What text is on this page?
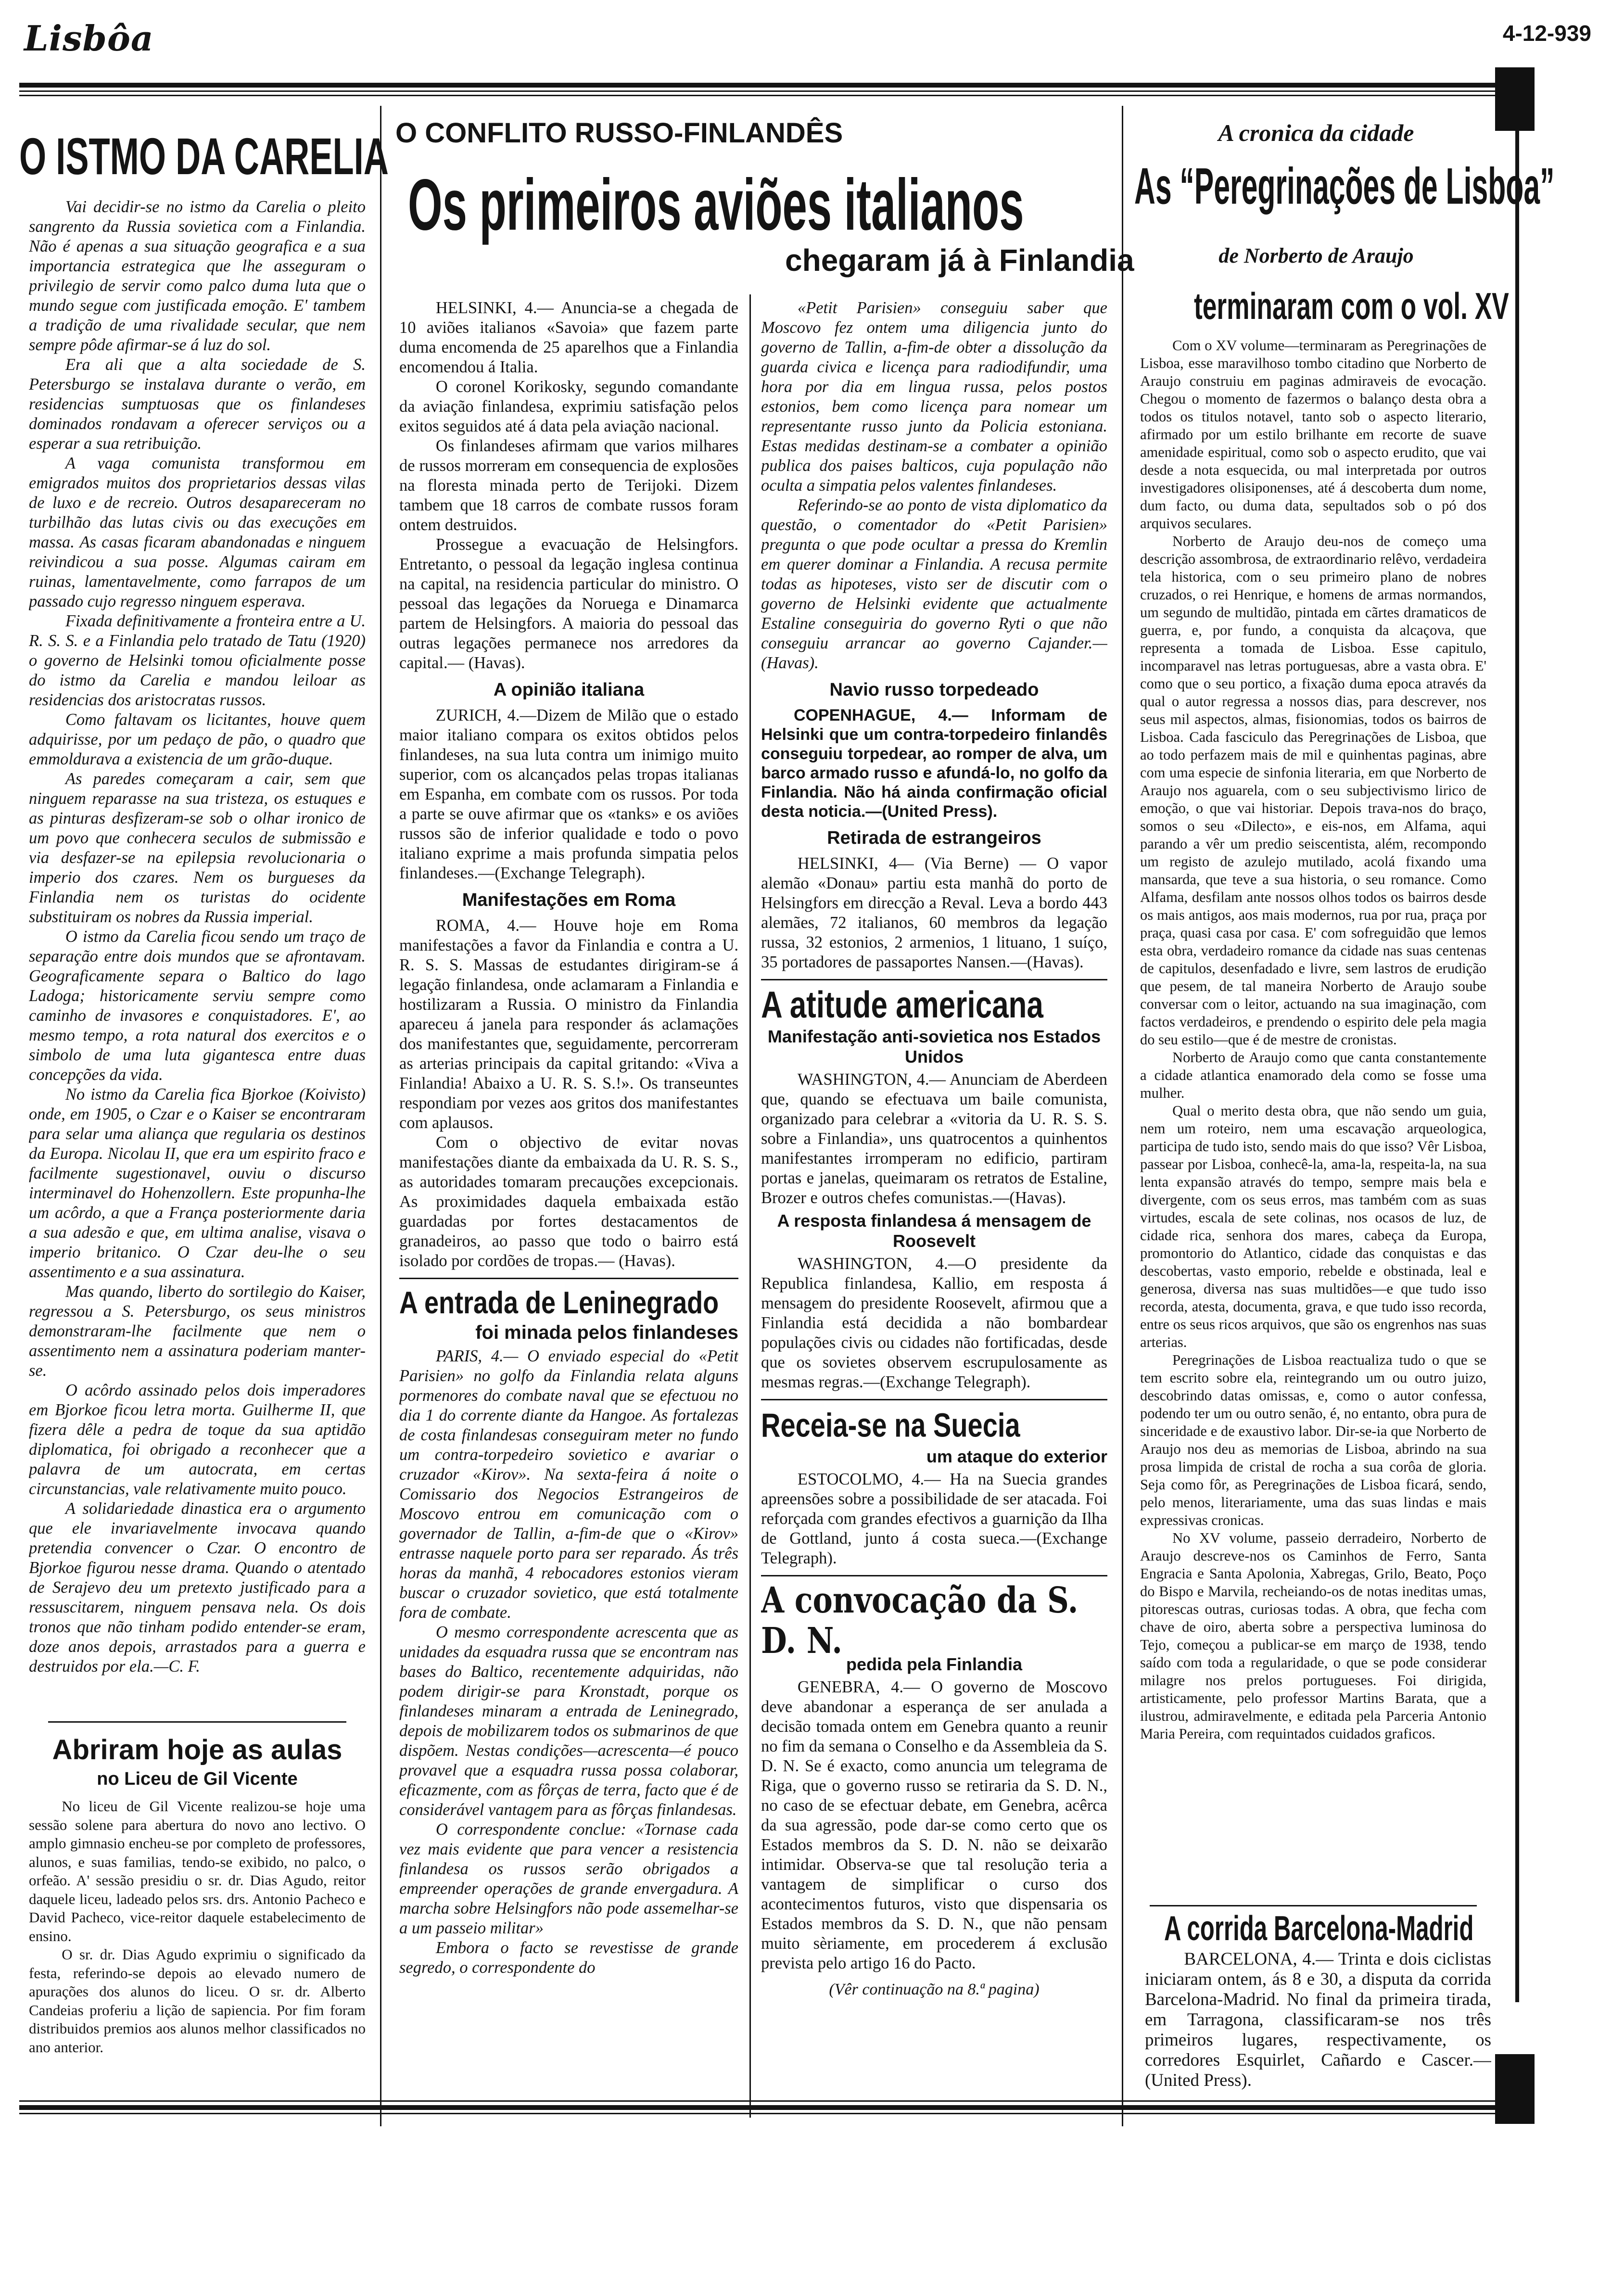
Lisbôa	4-12-939
O ISTMO DA CARELIA

Vai decidir-se no istmo da Carelia o pleito sangrento da Russia sovietica com a Finlandia. Não é apenas a sua situação geografica e a sua importancia estrategica que lhe asseguram o privilegio de servir como palco duma luta que o mundo segue com justificada emoção. E' tambem a tradição de uma rivalidade secular, que nem sempre pôde afirmar-se á luz do sol.

Era ali que a alta sociedade de S. Petersburgo se instalava durante o verão, em residencias sumptuosas que os finlandeses dominados rondavam a oferecer serviços ou a esperar a sua retribuição.

A vaga comunista transformou em emigrados muitos dos proprietarios dessas vilas de luxo e de recreio. Outros desapareceram no turbilhão das lutas civis ou das execuções em massa. As casas ficaram abandonadas e ninguem reivindicou a sua posse. Algumas cairam em ruinas, lamentavelmente, como farrapos de um passado cujo regresso ninguem esperava.

Fixada definitivamente a fronteira entre a U. R. S. S. e a Finlandia pelo tratado de Tatu (1920) o governo de Helsinki tomou oficialmente posse do istmo da Carelia e mandou leiloar as residencias dos aristocratas russos.

Como faltavam os licitantes, houve quem adquirisse, por um pedaço de pão, o quadro que emmoldurava a existencia de um grão-duque.

As paredes começaram a cair, sem que ninguem reparasse na sua tristeza, os estuques e as pinturas desfizeram-se sob o olhar ironico de um povo que conhecera seculos de submissão e via desfazer-se na epilepsia revolucionaria o imperio dos czares. Nem os burgueses da Finlandia nem os turistas do ocidente substituiram os nobres da Russia imperial.

O istmo da Carelia ficou sendo um traço de separação entre dois mundos que se afrontavam. Geograficamente separa o Baltico do lago Ladoga; historicamente serviu sempre como caminho de invasores e conquistadores. E', ao mesmo tempo, a rota natural dos exercitos e o simbolo de uma luta gigantesca entre duas concepções da vida.

No istmo da Carelia fica Bjorkoe (Koivisto) onde, em 1905, o Czar e o Kaiser se encontraram para selar uma aliança que regularia os destinos da Europa. Nicolau II, que era um espirito fraco e facilmente sugestionavel, ouviu o discurso interminavel do Hohenzollern. Este propunha-lhe um acôrdo, a que a França posteriormente daria a sua adesão e que, em ultima analise, visava o imperio britanico. O Czar deu-lhe o seu assentimento e a sua assinatura.

Mas quando, liberto do sortilegio do Kaiser, regressou a S. Petersburgo, os seus ministros demonstraram-lhe facilmente que nem o assentimento nem a assinatura poderiam manter-se.

O acôrdo assinado pelos dois imperadores em Bjorkoe ficou letra morta. Guilherme II, que fizera dêle a pedra de toque da sua aptidão diplomatica, foi obrigado a reconhecer que a palavra de um autocrata, em certas circunstancias, vale relativamente muito pouco.

A solidariedade dinastica era o argumento que ele invariavelmente invocava quando pretendia convencer o Czar. O encontro de Bjorkoe figurou nesse drama. Quando o atentado de Serajevo deu um pretexto justificado para a ressuscitarem, ninguem pensava nela. Os dois tronos que não tinham podido entender-se eram, doze anos depois, arrastados para a guerra e destruidos por ela.—C. F.

Abriram hoje as aulas
no Liceu de Gil Vicente

No liceu de Gil Vicente realizou-se hoje uma sessão solene para abertura do novo ano lectivo. O amplo gimnasio encheu-se por completo de professores, alunos, e suas familias, tendo-se exibido, no palco, o orfeão. A' sessão presidiu o sr. dr. Dias Agudo, reitor daquele liceu, ladeado pelos srs. drs. Antonio Pacheco e David Pacheco, vice-reitor daquele estabelecimento de ensino.

O sr. dr. Dias Agudo exprimiu o significado da festa, referindo-se depois ao elevado numero de apurações dos alunos do liceu. O sr. dr. Alberto Candeias proferiu a lição de sapiencia. Por fim foram distribuidos premios aos alunos melhor classificados no ano anterior.

O CONFLITO RUSSO-FINLANDÊS
Os primeiros aviões italianos
chegaram já à Finlandia

HELSINKI, 4.— Anuncia-se a chegada de 10 aviões italianos «Savoia» que fazem parte duma encomenda de 25 aparelhos que a Finlandia encomendou á Italia.

O coronel Korikosky, segundo comandante da aviação finlandesa, exprimiu satisfação pelos exitos seguidos até á data pela aviação nacional.

Os finlandeses afirmam que varios milhares de russos morreram em consequencia de explosões na floresta minada perto de Terijoki. Dizem tambem que 18 carros de combate russos foram ontem destruidos.

Prossegue a evacuação de Helsingfors. Entretanto, o pessoal da legação inglesa continua na capital, na residencia particular do ministro. O pessoal das legações da Noruega e Dinamarca partem de Helsingfors. A maioria do pessoal das outras legações permanece nos arredores da capital.— (Havas).

A opinião italiana

ZURICH, 4.—Dizem de Milão que o estado maior italiano compara os exitos obtidos pelos finlandeses, na sua luta contra um inimigo muito superior, com os alcançados pelas tropas italianas em Espanha, em combate com os russos. Por toda a parte se ouve afirmar que os «tanks» e os aviões russos são de inferior qualidade e todo o povo italiano exprime a mais profunda simpatia pelos finlandeses.—(Exchange Telegraph).

Manifestações em Roma

ROMA, 4.— Houve hoje em Roma manifestações a favor da Finlandia e contra a U. R. S. S. Massas de estudantes dirigiram-se á legação finlandesa, onde aclamaram a Finlandia e hostilizaram a Russia. O ministro da Finlandia apareceu á janela para responder ás aclamações dos manifestantes que, seguidamente, percorreram as arterias principais da capital gritando: «Viva a Finlandia! Abaixo a U. R. S. S.!». Os transeuntes respondiam por vezes aos gritos dos manifestantes com aplausos.

Com o objectivo de evitar novas manifestações diante da embaixada da U. R. S. S., as autoridades tomaram precauções excepcionais. As proximidades daquela embaixada estão guardadas por fortes destacamentos de granadeiros, ao passo que todo o bairro está isolado por cordões de tropas.— (Havas).

A entrada de Leninegrado
foi minada pelos finlandeses

PARIS, 4.— O enviado especial do «Petit Parisien» no golfo da Finlandia relata alguns pormenores do combate naval que se efectuou no dia 1 do corrente diante da Hangoe. As fortalezas de costa finlandesas conseguiram meter no fundo um contra-torpedeiro sovietico e avariar o cruzador «Kirov». Na sexta-feira á noite o Comissario dos Negocios Estrangeiros de Moscovo entrou em comunicação com o governador de Tallin, a-fim-de que o «Kirov» entrasse naquele porto para ser reparado. Ás três horas da manhã, 4 rebocadores estonios vieram buscar o cruzador sovietico, que está totalmente fora de combate.

O mesmo correspondente acrescenta que as unidades da esquadra russa que se encontram nas bases do Baltico, recentemente adquiridas, não podem dirigir-se para Kronstadt, porque os finlandeses minaram a entrada de Leninegrado, depois de mobilizarem todos os submarinos de que dispõem. Nestas condições—acrescenta—é pouco provavel que a esquadra russa possa colaborar, eficazmente, com as fôrças de terra, facto que é de considerável vantagem para as fôrças finlandesas.

O correspondente conclue: «Tornase cada vez mais evidente que para vencer a resistencia finlandesa os russos serão obrigados a empreender operações de grande envergadura. A marcha sobre Helsingfors não pode assemelhar-se a um passeio militar»

Embora o facto se revestisse de grande segredo, o correspondente do

«Petit Parisien» conseguiu saber que Moscovo fez ontem uma diligencia junto do governo de Tallin, a-fim-de obter a dissolução da guarda civica e licença para radiodifundir, uma hora por dia em lingua russa, pelos postos estonios, bem como licença para nomear um representante russo junto da Policia estoniana. Estas medidas destinam-se a combater a opinião publica dos paises balticos, cuja população não oculta a simpatia pelos valentes finlandeses.

Referindo-se ao ponto de vista diplomatico da questão, o comentador do «Petit Parisien» pregunta o que pode ocultar a pressa do Kremlin em querer dominar a Finlandia. A recusa permite todas as hipoteses, visto ser de discutir com o governo de Helsinki evidente que actualmente Estaline conseguiria do governo Ryti o que não conseguiu arrancar ao governo Cajander.— (Havas).

Navio russo torpedeado

COPENHAGUE, 4.— Informam de Helsinki que um contra-torpedeiro finlandês conseguiu torpedear, ao romper de alva, um barco armado russo e afundá-lo, no golfo da Finlandia. Não há ainda confirmação oficial desta noticia.—(United Press).

Retirada de estrangeiros

HELSINKI, 4— (Via Berne) — O vapor alemão «Donau» partiu esta manhã do porto de Helsingfors em direcção a Reval. Leva a bordo 443 alemães, 72 italianos, 60 membros da legação russa, 32 estonios, 2 armenios, 1 lituano, 1 suíço, 35 portadores de passaportes Nansen.—(Havas).

A atitude americana
Manifestação anti-sovietica nos Estados Unidos

WASHINGTON, 4.— Anunciam de Aberdeen que, quando se efectuava um baile comunista, organizado para celebrar a «vitoria da U. R. S. S. sobre a Finlandia», uns quatrocentos a quinhentos manifestantes irromperam no edificio, partiram portas e janelas, queimaram os retratos de Estaline, Brozer e outros chefes comunistas.—(Havas).

A resposta finlandesa á mensagem de Roosevelt

WASHINGTON, 4.—O presidente da Republica finlandesa, Kallio, em resposta á mensagem do presidente Roosevelt, afirmou que a Finlandia está decidida a não bombardear populações civis ou cidades não fortificadas, desde que os sovietes observem escrupulosamente as mesmas regras.—(Exchange Telegraph).

Receia-se na Suecia
um ataque do exterior

ESTOCOLMO, 4.— Ha na Suecia grandes apreensões sobre a possibilidade de ser atacada. Foi reforçada com grandes efectivos a guarnição da Ilha de Gottland, junto á costa sueca.—(Exchange Telegraph).

A convocação da S. D. N.
pedida pela Finlandia

GENEBRA, 4.— O governo de Moscovo deve abandonar a esperança de ser anulada a decisão tomada ontem em Genebra quanto a reunir no fim da semana o Conselho e da Assembleia da S. D. N. Se é exacto, como anuncia um telegrama de Riga, que o governo russo se retiraria da S. D. N., no caso de se efectuar debate, em Genebra, acêrca da sua agressão, pode dar-se como certo que os Estados membros da S. D. N. não se deixarão intimidar. Observa-se que tal resolução teria a vantagem de simplificar o curso dos acontecimentos futuros, visto que dispensaria os Estados membros da S. D. N., que não pensam muito sèriamente, em procederem á exclusão prevista pelo artigo 16 do Pacto.

(Vêr continuação na 8.ª pagina)
A cronica da cidade
As “Peregrinações de Lisboa”
de Norberto de Araujo
terminaram com o vol. XV

Com o XV volume—terminaram as Peregrinações de Lisboa, esse maravilhoso tombo citadino que Norberto de Araujo construiu em paginas admiraveis de evocação. Chegou o momento de fazermos o balanço desta obra a todos os titulos notavel, tanto sob o aspecto literario, afirmado por um estilo brilhante em recorte de suave amenidade espiritual, como sob o aspecto erudito, que vai desde a nota esquecida, ou mal interpretada por outros investigadores olisiponenses, até á descoberta dum nome, dum facto, ou duma data, sepultados sob o pó dos arquivos seculares.

Norberto de Araujo deu-nos de começo uma descrição assombrosa, de extraordinario relêvo, verdadeira tela historica, com o seu primeiro plano de nobres cruzados, o rei Henrique, e homens de armas normandos, um segundo de multidão, pintada em cãrtes dramaticos de guerra, e, por fundo, a conquista da alcaçova, que representa a tomada de Lisboa. Esse capitulo, incomparavel nas letras portuguesas, abre a vasta obra. E' como que o seu portico, a fixação duma epoca através da qual o autor regressa a nossos dias, para descrever, nos seus mil aspectos, almas, fisionomias, todos os bairros de Lisboa. Cada fasciculo das Peregrinações de Lisboa, que ao todo perfazem mais de mil e quinhentas paginas, abre com uma especie de sinfonia literaria, em que Norberto de Araujo nos aguarela, com o seu subjectivismo lirico de emoção, o que vai historiar. Depois trava-nos do braço, somos o seu «Dilecto», e eis-nos, em Alfama, aqui parando a vêr um predio seiscentista, além, recompondo um registo de azulejo mutilado, acolá fixando uma mansarda, que teve a sua historia, o seu romance. Como Alfama, desfilam ante nossos olhos todos os bairros desde os mais antigos, aos mais modernos, rua por rua, praça por praça, quasi casa por casa. E' com sofreguidão que lemos esta obra, verdadeiro romance da cidade nas suas centenas de capitulos, desenfadado e livre, sem lastros de erudição que pesem, de tal maneira Norberto de Araujo soube conversar com o leitor, actuando na sua imaginação, com factos verdadeiros, e prendendo o espirito dele pela magia do seu estilo—que é de mestre de cronistas.

Norberto de Araujo como que canta constantemente a cidade atlantica enamorado dela como se fosse uma mulher.

Qual o merito desta obra, que não sendo um guia, nem um roteiro, nem uma escavação arqueologica, participa de tudo isto, sendo mais do que isso? Vêr Lisboa, passear por Lisboa, conhecê-la, ama-la, respeita-la, na sua lenta expansão através do tempo, sempre mais bela e divergente, com os seus erros, mas também com as suas virtudes, escala de sete colinas, nos ocasos de luz, de cidade rica, senhora dos mares, cabeça da Europa, promontorio do Atlantico, cidade das conquistas e das descobertas, vasto emporio, rebelde e obstinada, leal e generosa, diversa nas suas multidões—e que tudo isso recorda, atesta, documenta, grava, e que tudo isso recorda, entre os seus ricos arquivos, que são os engrenhos nas suas arterias.

Peregrinações de Lisboa reactualiza tudo o que se tem escrito sobre ela, reintegrando um ou outro juizo, descobrindo datas omissas, e, como o autor confessa, podendo ter um ou outro senão, é, no entanto, obra pura de sinceridade e de exaustivo labor. Dir-se-ia que Norberto de Araujo nos deu as memorias de Lisboa, abrindo na sua prosa limpida de cristal de rocha a sua corôa de gloria. Seja como fôr, as Peregrinações de Lisboa ficará, sendo, pelo menos, literariamente, uma das suas lindas e mais expressivas cronicas.

No XV volume, passeio derradeiro, Norberto de Araujo descreve-nos os Caminhos de Ferro, Santa Engracia e Santa Apolonia, Xabregas, Grilo, Beato, Poço do Bispo e Marvila, recheiando-os de notas ineditas umas, pitorescas outras, curiosas todas. A obra, que fecha com chave de oiro, aberta sobre a perspectiva luminosa do Tejo, começou a publicar-se em março de 1938, tendo saído com toda a regularidade, o que se pode considerar milagre nos prelos portugueses. Foi dirigida, artisticamente, pelo professor Martins Barata, que a ilustrou, admiravelmente, e editada pela Parceria Antonio Maria Pereira, com requintados cuidados graficos.

A corrida Barcelona-Madrid

BARCELONA, 4.— Trinta e dois ciclistas iniciaram ontem, ás 8 e 30, a disputa da corrida Barcelona-Madrid. No final da primeira tirada, em Tarragona, classificaram-se nos três primeiros lugares, respectivamente, os corredores Esquirlet, Cañardo e Cascer.— (United Press).
